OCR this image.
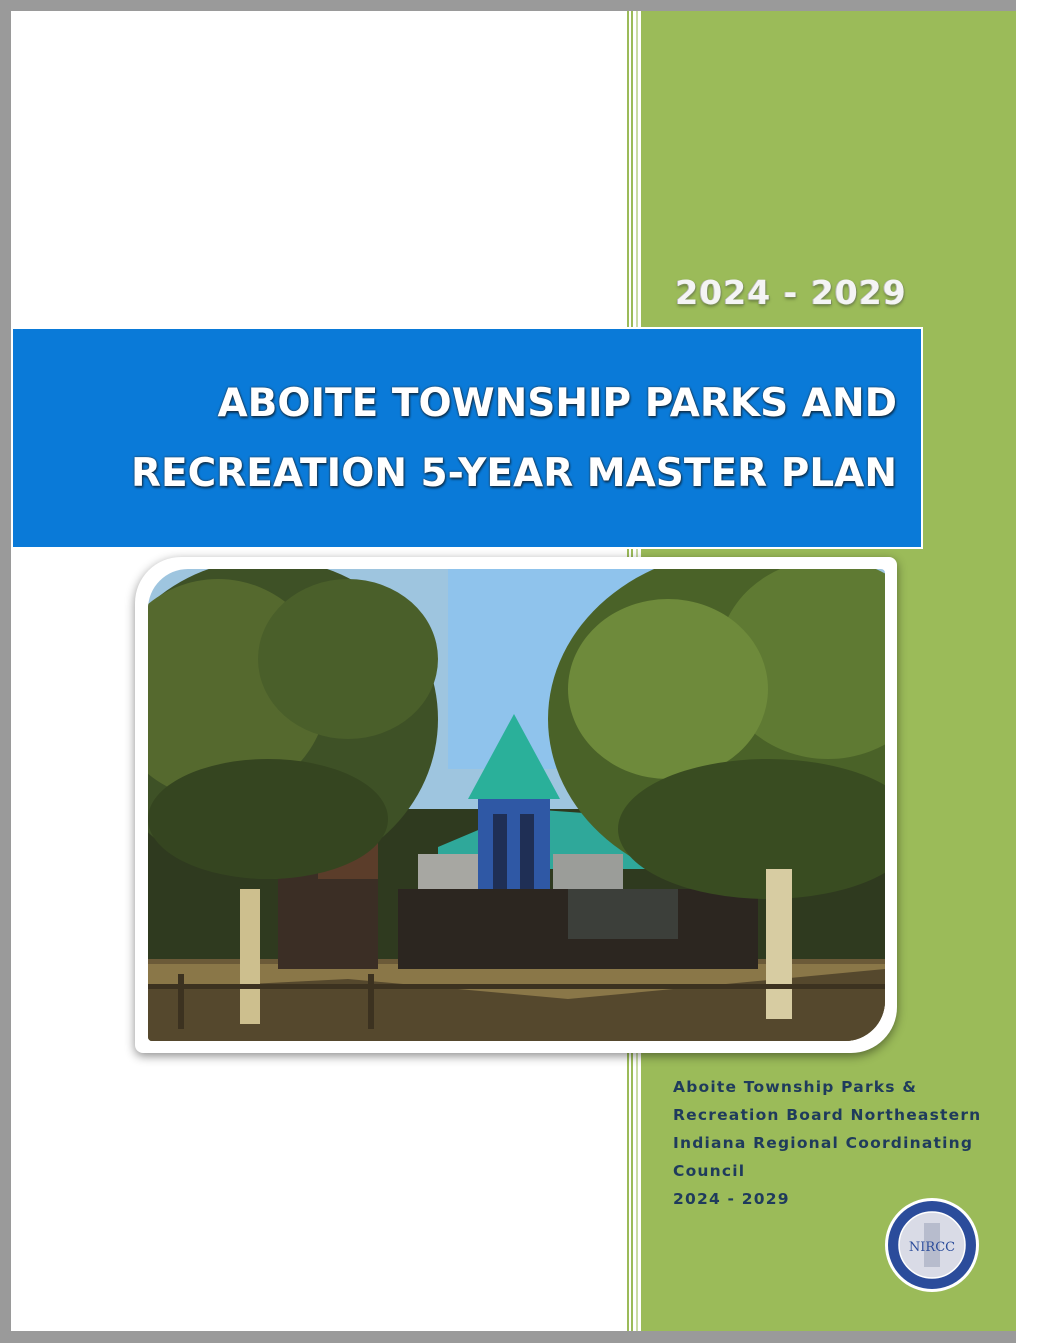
2024 - 2029
ABOITE TOWNSHIP PARKS AND
RECREATION 5-YEAR MASTER PLAN
Aboite Township Parks &
Recreation Board Northeastern
Indiana Regional Coordinating
Council
2024 - 2029
NIRCC
